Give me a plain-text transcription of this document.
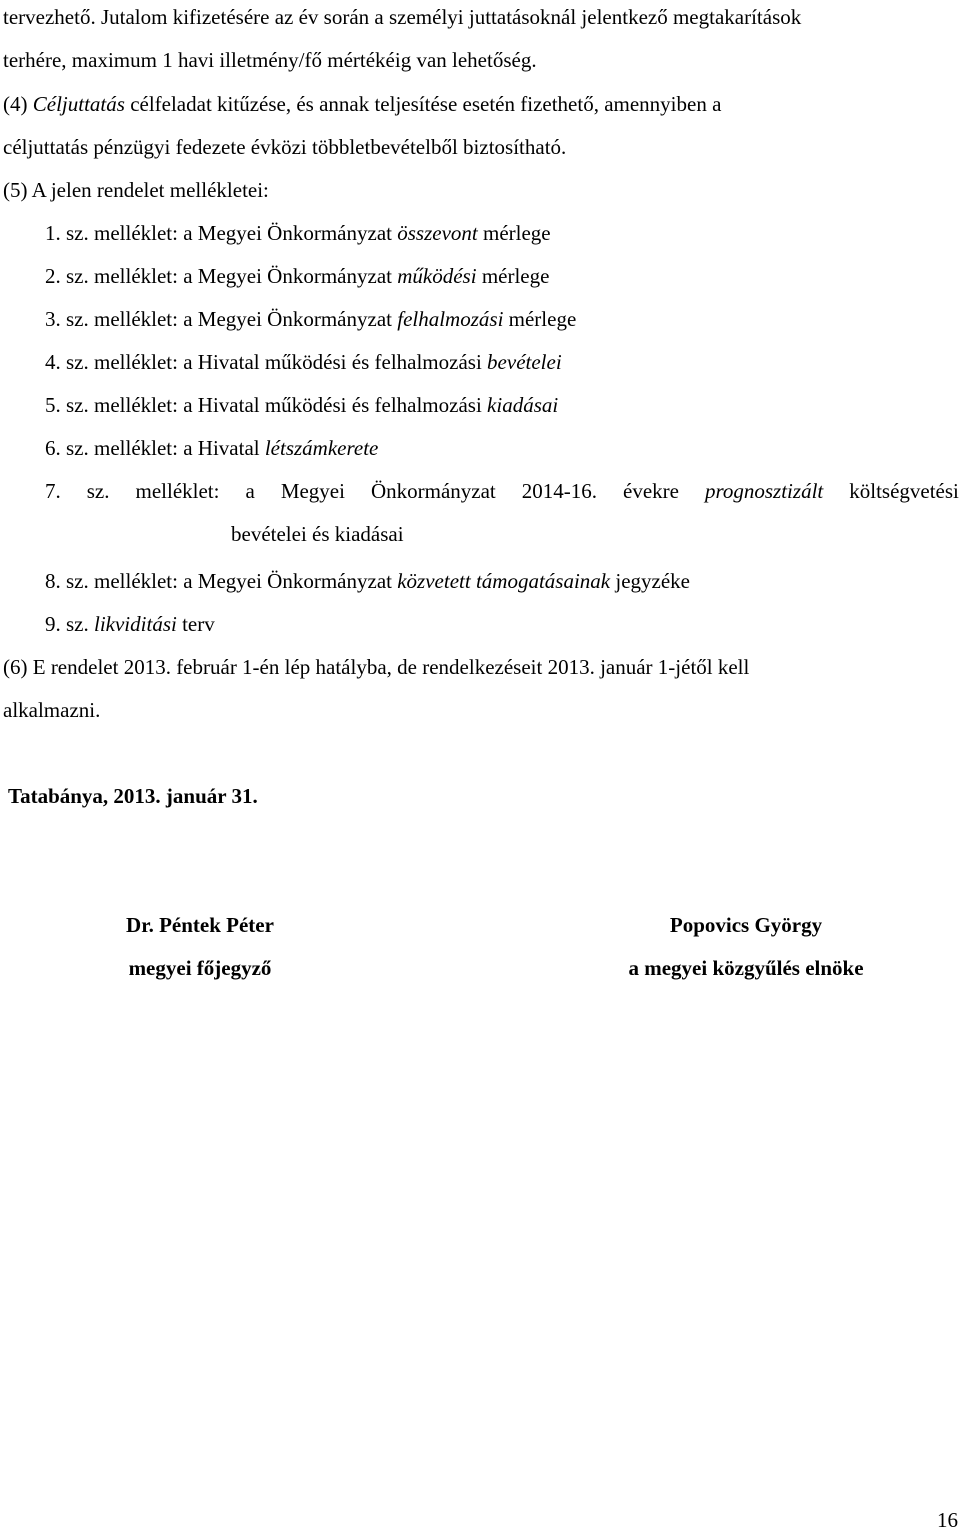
tervezhető. Jutalom kifizetésére az év során a személyi juttatásoknál jelentkező megtakarítások
terhére, maximum 1 havi illetmény/fő mértékéig van lehetőség.
(4) Céljuttatás célfeladat kitűzése, és annak teljesítése esetén fizethető, amennyiben a
céljuttatás pénzügyi fedezete évközi többletbevételből biztosítható.
(5) A jelen rendelet mellékletei:
1. sz. melléklet: a Megyei Önkormányzat összevont mérlege
2. sz. melléklet: a Megyei Önkormányzat működési mérlege
3. sz. melléklet: a Megyei Önkormányzat felhalmozási mérlege
4. sz. melléklet: a Hivatal működési és felhalmozási bevételei
5. sz. melléklet: a Hivatal működési és felhalmozási kiadásai
6. sz. melléklet: a Hivatal létszámkerete
7. sz. melléklet: a Megyei Önkormányzat 2014-16. évekre prognosztizált költségvetési
bevételei és kiadásai
8. sz. melléklet: a Megyei Önkormányzat közvetett támogatásainak jegyzéke
9. sz. likviditási terv
(6) E rendelet 2013. február 1-én lép hatályba, de rendelkezéseit 2013. január 1-jétől kell
alkalmazni.
Tatabánya, 2013. január 31.
Dr. Péntek Péter
megyei főjegyző
Popovics György
a megyei közgyűlés elnöke
16
